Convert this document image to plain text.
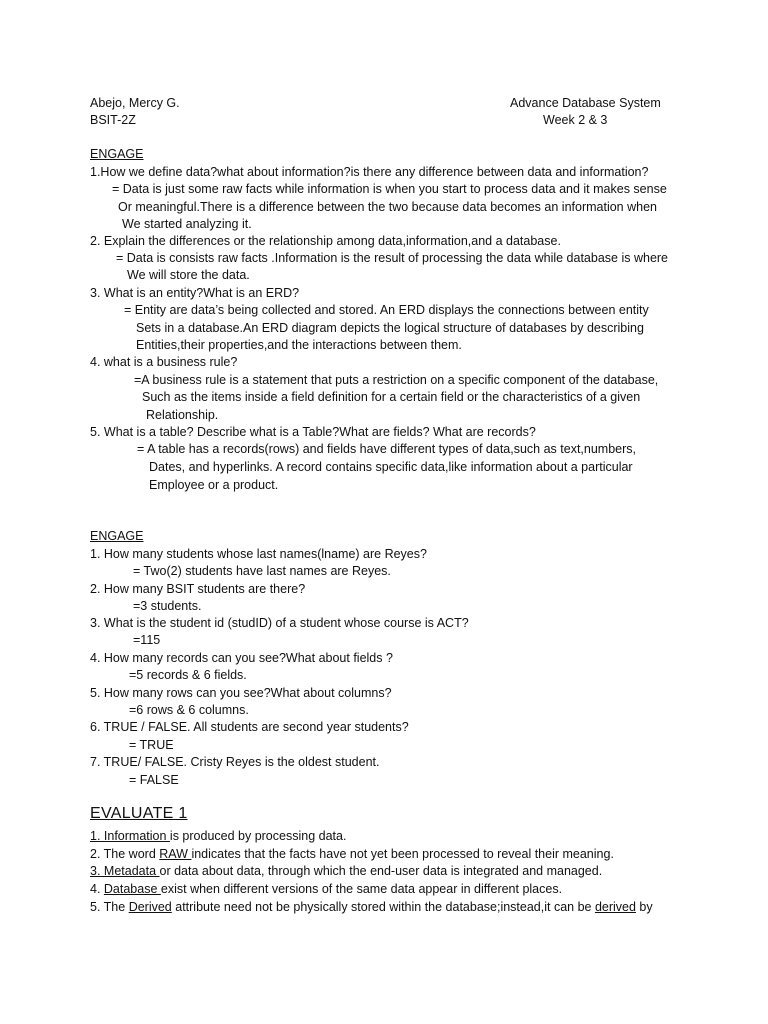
Abejo, Mercy G.
BSIT-2Z
Advance Database System
Week 2 & 3
ENGAGE
1.How we define data?what about information?is there any difference between data and information?
= Data is just some raw facts while information is when you start to process data and it makes sense
Or meaningful.There is a difference between the two because data becomes an information when
We started analyzing it.
2. Explain the differences or the relationship among data,information,and a database.
= Data is consists raw facts .Information is the result of processing the data while database is where
We will store the data.
3. What is an entity?What is an ERD?
= Entity are data’s being collected and stored. An ERD displays the connections between entity
Sets in a database.An ERD diagram depicts the logical structure of databases by describing
Entities,their properties,and the interactions between them.
4. what is a business rule?
=A business rule is a statement that puts a restriction on a specific component of the database,
Such as the items inside a field definition for a certain field or the characteristics of a given
Relationship.
5. What is a table? Describe what is a Table?What are fields? What are records?
= A table has a records(rows) and fields have different types of data,such as text,numbers,
Dates, and hyperlinks. A record contains specific data,like information about a particular
Employee or a product.
ENGAGE
1. How many students whose last names(lname) are Reyes?
= Two(2) students have last names are Reyes.
2. How many BSIT students are there?
=3 students.
3. What is the student id (studID) of a student whose course is ACT?
=115
4. How many records can you see?What about fields ?
=5 records & 6 fields.
5. How many rows can you see?What about columns?
=6 rows & 6 columns.
6. TRUE / FALSE. All students are second year students?
= TRUE
7. TRUE/ FALSE. Cristy Reyes is the oldest student.
= FALSE
EVALUATE 1
1. Information is produced by processing data.
2. The word RAW indicates that the facts have not yet been processed to reveal their meaning.
3. Metadata or data about data, through which the end-user data is integrated and managed.
4. Database exist when different versions of the same data appear in different places.
5. The Derived attribute need not be physically stored within the database;instead,it can be derived by
